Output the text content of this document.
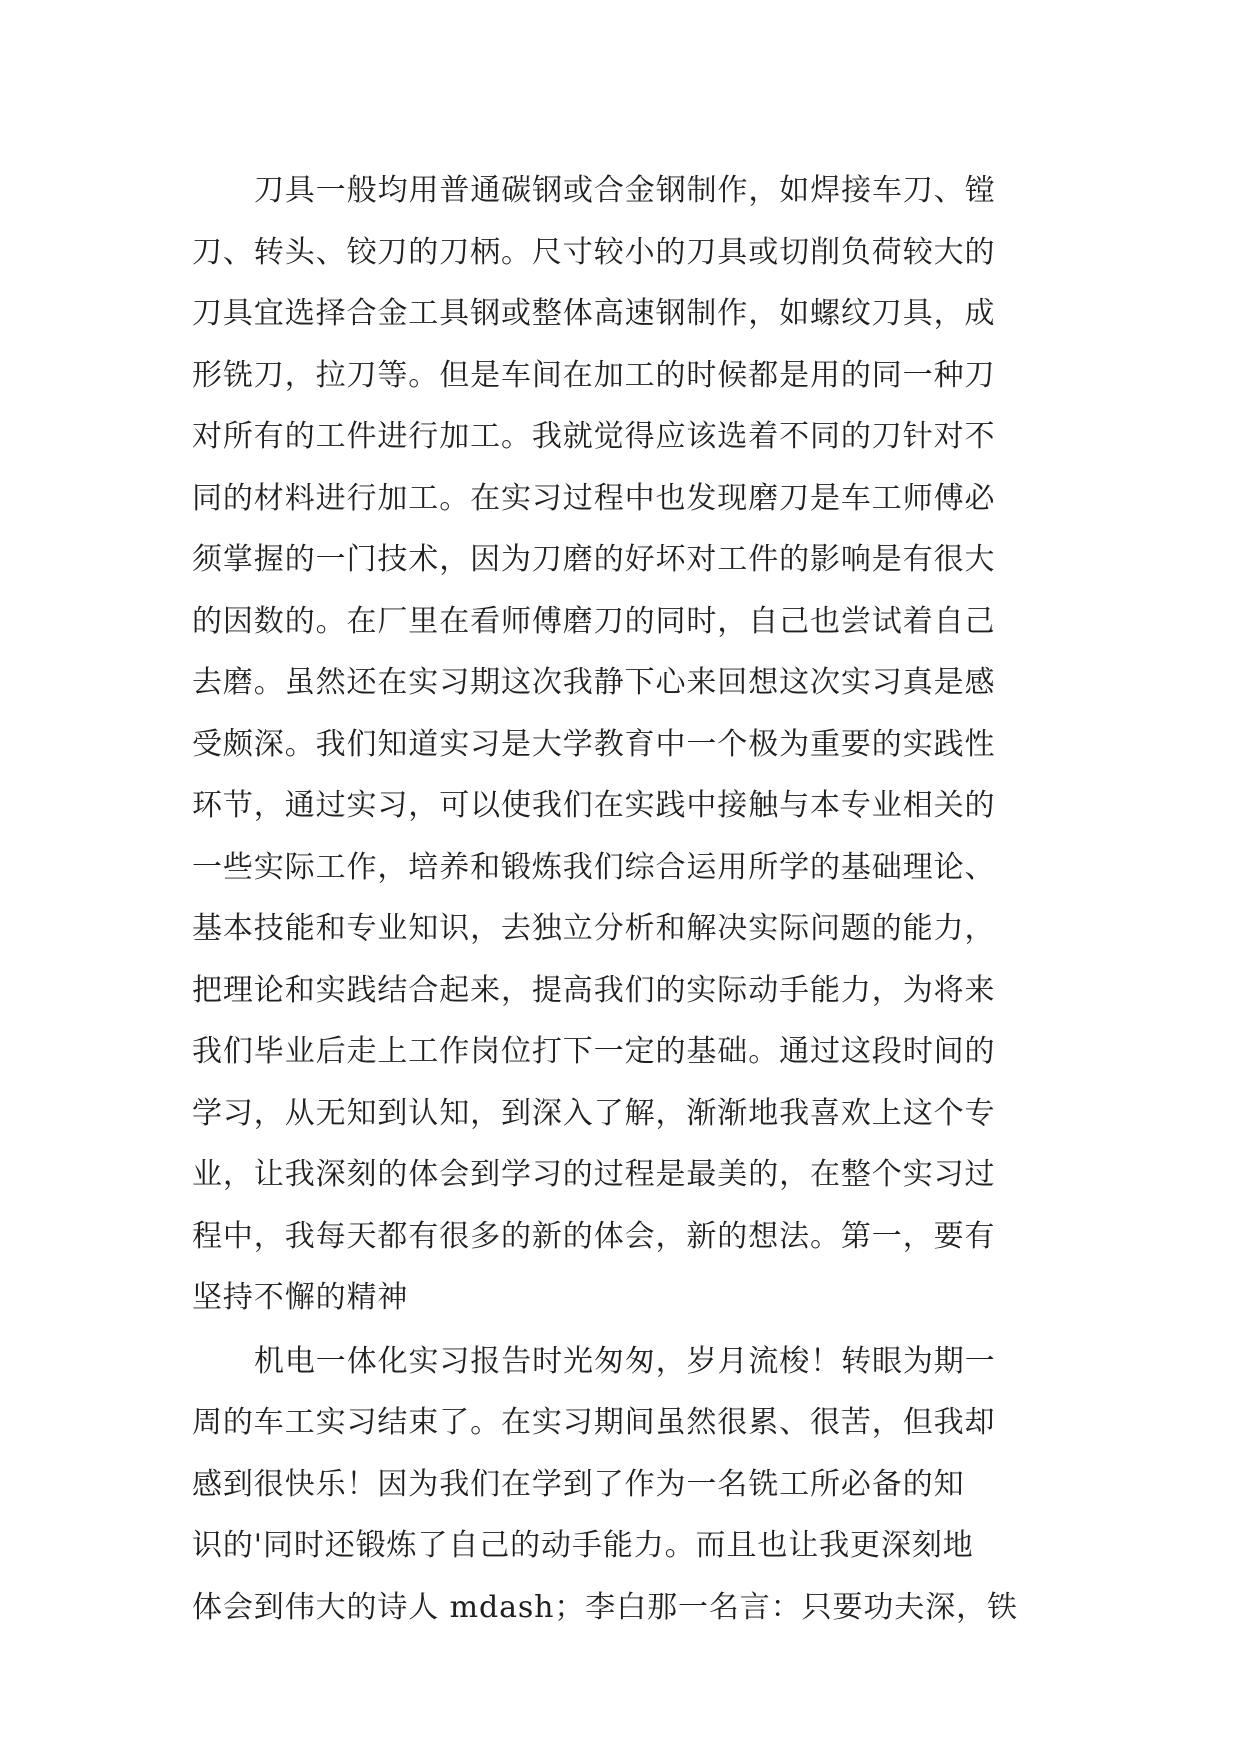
刀具一般均用普通碳钢或合金钢制作，如焊接车刀、镗
刀、转头、铰刀的刀柄。尺寸较小的刀具或切削负荷较大的
刀具宜选择合金工具钢或整体高速钢制作，如螺纹刀具，成
形铣刀，拉刀等。但是车间在加工的时候都是用的同一种刀
对所有的工件进行加工。我就觉得应该选着不同的刀针对不
同的材料进行加工。在实习过程中也发现磨刀是车工师傅必
须掌握的一门技术，因为刀磨的好坏对工件的影响是有很大
的因数的。在厂里在看师傅磨刀的同时，自己也尝试着自己
去磨。虽然还在实习期这次我静下心来回想这次实习真是感
受颇深。我们知道实习是大学教育中一个极为重要的实践性
环节，通过实习，可以使我们在实践中接触与本专业相关的
一些实际工作，培养和锻炼我们综合运用所学的基础理论、
基本技能和专业知识，去独立分析和解决实际问题的能力，
把理论和实践结合起来，提高我们的实际动手能力，为将来
我们毕业后走上工作岗位打下一定的基础。通过这段时间的
学习，从无知到认知，到深入了解，渐渐地我喜欢上这个专
业，让我深刻的体会到学习的过程是最美的，在整个实习过
程中，我每天都有很多的新的体会，新的想法。第一，要有
坚持不懈的精神
机电一体化实习报告时光匆匆，岁月流梭！转眼为期一
周的车工实习结束了。在实习期间虽然很累、很苦，但我却
感到很快乐！因为我们在学到了作为一名铣工所必备的知
识的'同时还锻炼了自己的动手能力。而且也让我更深刻地
体会到伟大的诗人 mdash；李白那一名言：只要功夫深，铁
